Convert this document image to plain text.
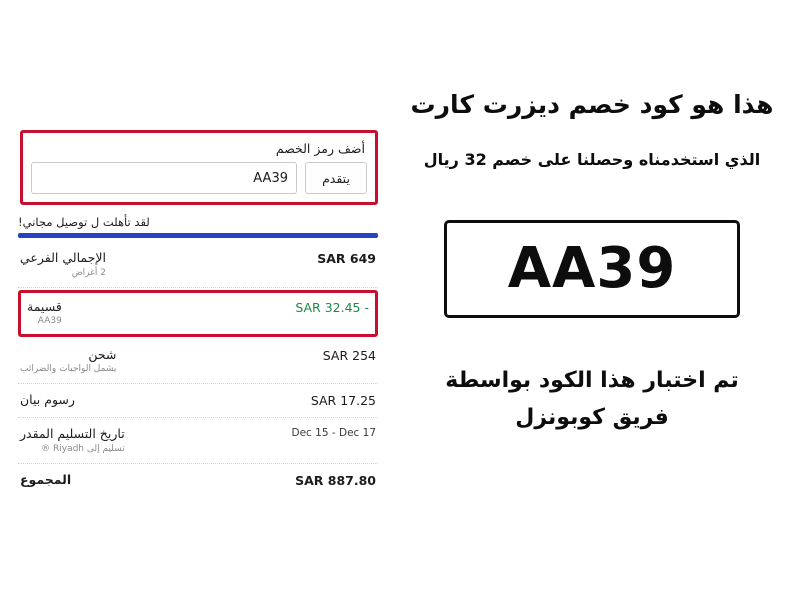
أضف رمز الخصم
يتقدم
AA39
لقد تأهلت ل توصيل مجاني!
الإجمالي الفرعي
2 أغراض
SAR 649
قسيمة
AA39
SAR 32.45 -
شحن
يشمل الواجبات والضرائب
SAR 254
رسوم بيان	SAR 17.25
تاريخ التسليم المقدر
تسليم إلى Riyadh ®
Dec 15 - Dec 17
المجموع	SAR 887.80
هذا هو كود خصم ديزرت كارت
الذي استخدمناه وحصلنا على خصم 32 ريال
AA39
تم اختبار هذا الكود بواسطة
فريق كوبونزل
